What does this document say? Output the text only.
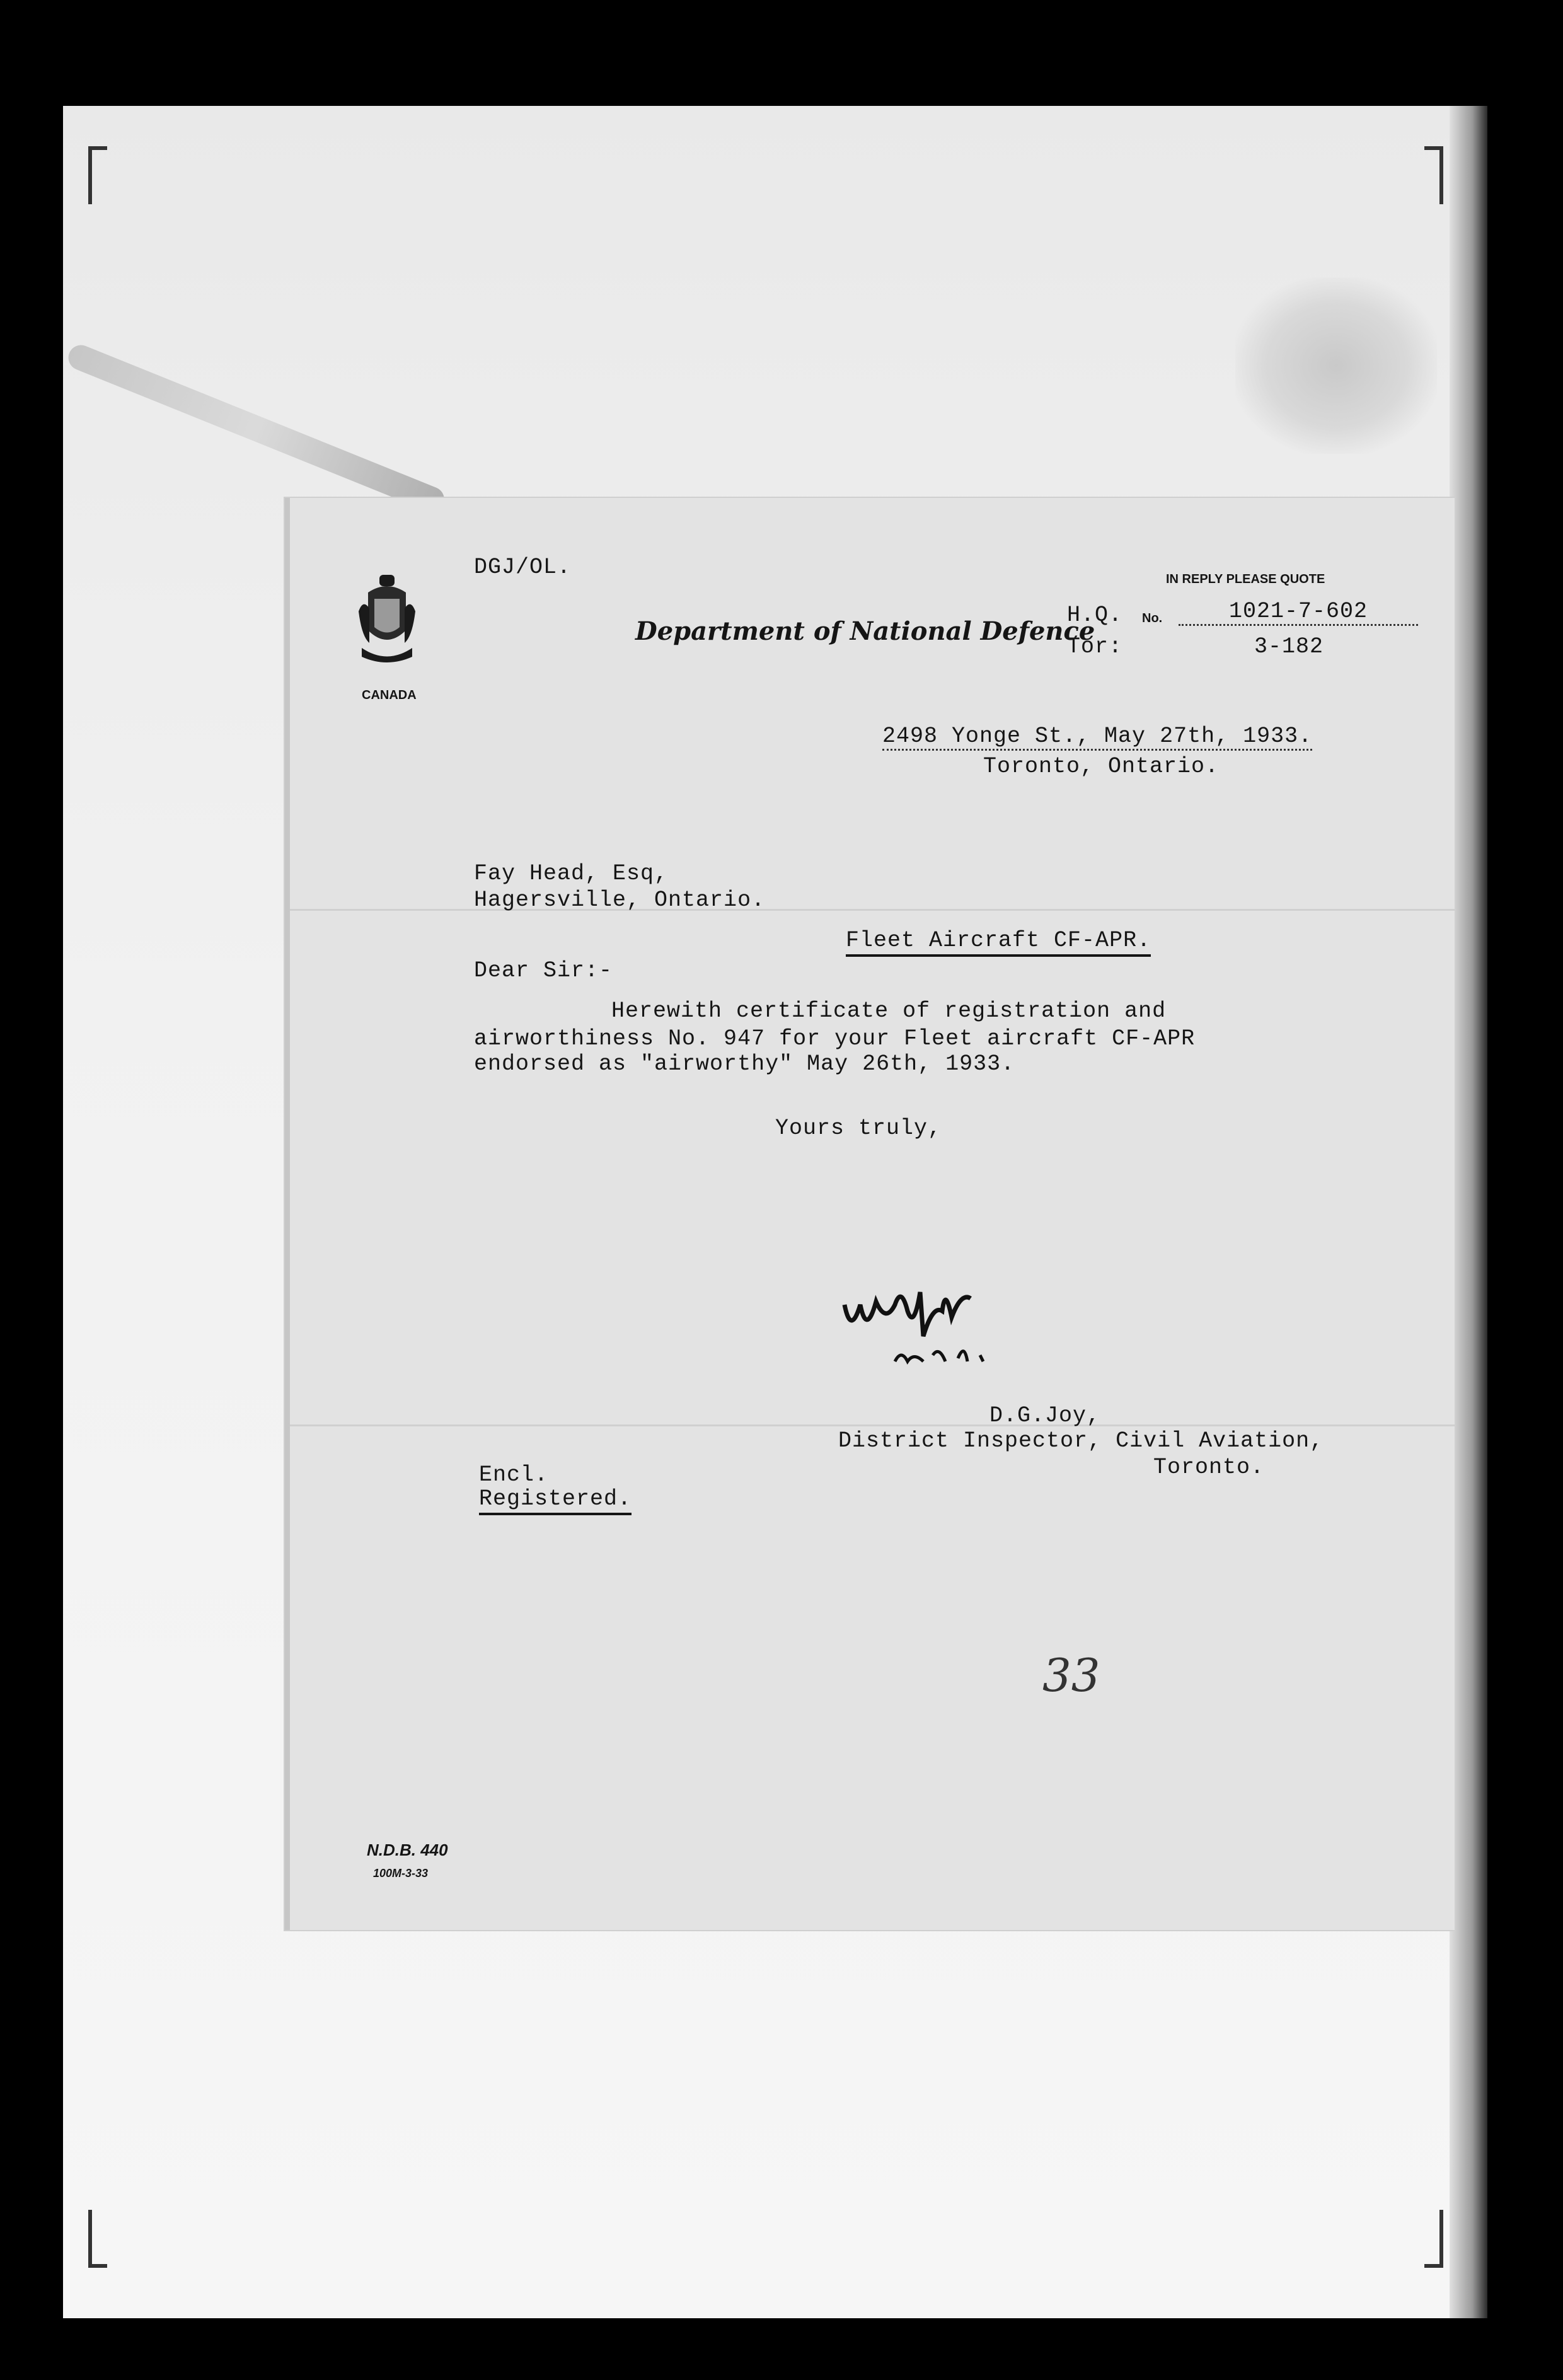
DGJ/OL.
CANADA
Department of National Defence
IN REPLY PLEASE QUOTE
H.Q. No.	1021-7-602
Tor:	3-182
2498 Yonge St., May 27th, 1933.
Toronto, Ontario.
Fay Head, Esq,
Hagersville, Ontario.
Fleet Aircraft CF-APR.
Dear Sir:-
Herewith certificate of registration and
airworthiness No. 947 for your Fleet aircraft CF-APR
endorsed as "airworthy" May 26th, 1933.
Yours truly,
D.G.Joy,
District Inspector, Civil Aviation,
Toronto.
Encl.
Registered.
33
N.D.B. 440
100M-3-33
